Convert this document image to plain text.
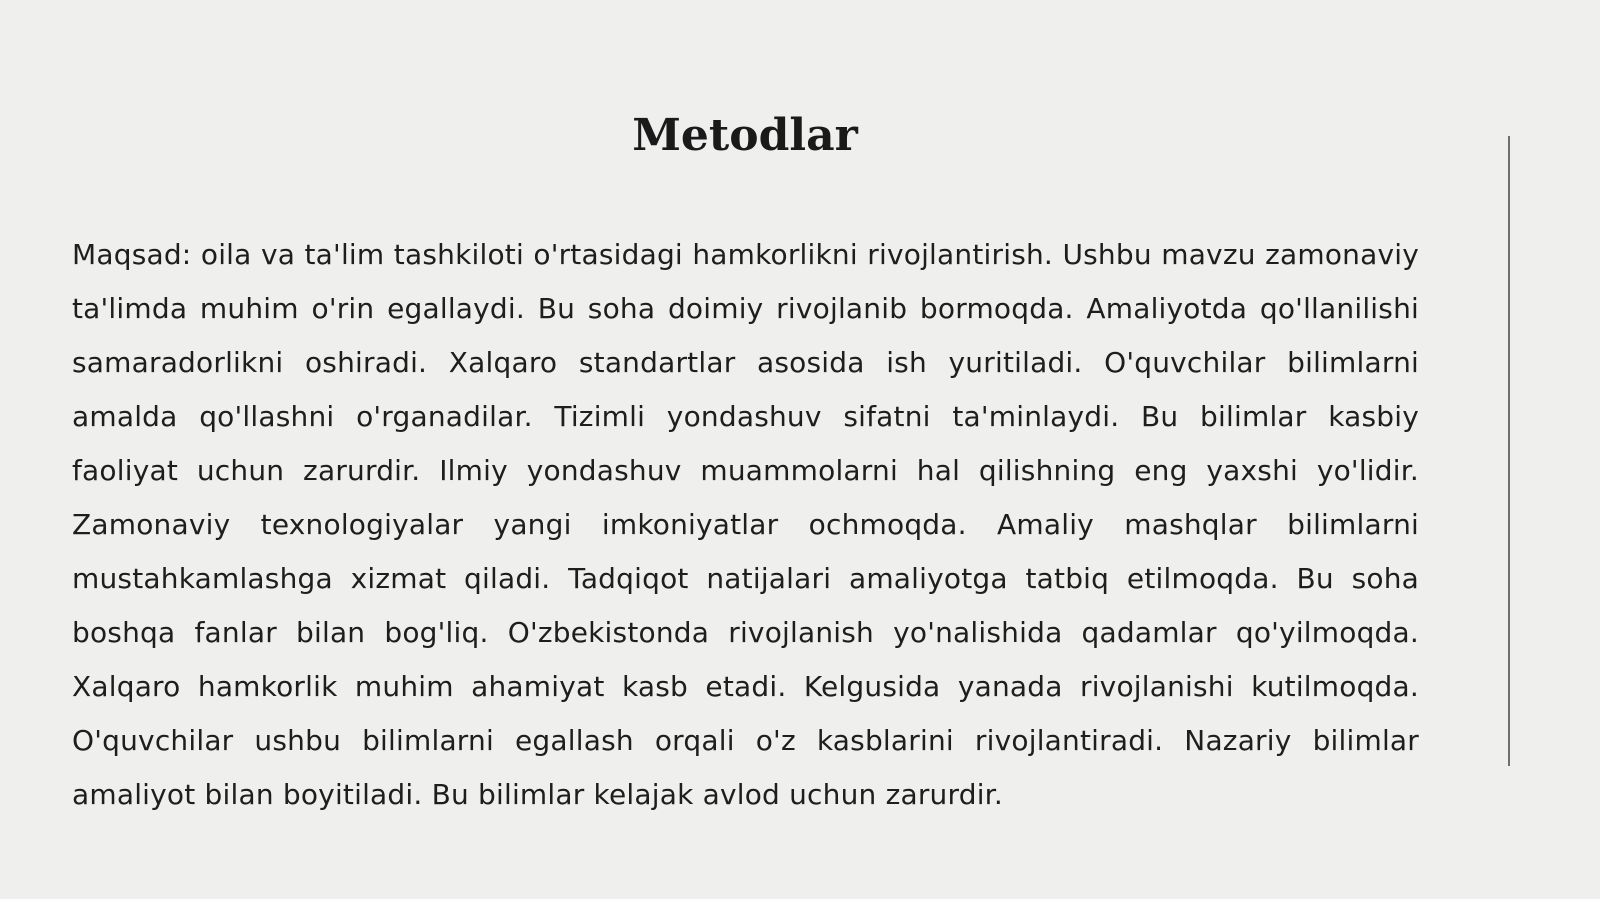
Metodlar

Maqsad: oila va ta'lim tashkiloti o'rtasidagi hamkorlikni rivojlantirish. Ushbu mavzu zamonaviy ta'limda muhim o'rin egallaydi. Bu soha doimiy rivojlanib bormoqda. Amaliyotda qo'llanilishi samaradorlikni oshiradi. Xalqaro standartlar asosida ish yuritiladi. O'quvchilar bilimlarni amalda qo'llashni o'rganadilar. Tizimli yondashuv sifatni ta'minlaydi. Bu bilimlar kasbiy faoliyat uchun zarurdir. Ilmiy yondashuv muammolarni hal qilishning eng yaxshi yo'lidir. Zamonaviy texnologiyalar yangi imkoniyatlar ochmoqda. Amaliy mashqlar bilimlarni mustahkamlashga xizmat qiladi. Tadqiqot natijalari amaliyotga tatbiq etilmoqda. Bu soha boshqa fanlar bilan bog'liq. O'zbekistonda rivojlanish yo'nalishida qadamlar qo'yilmoqda. Xalqaro hamkorlik muhim ahamiyat kasb etadi. Kelgusida yanada rivojlanishi kutilmoqda. O'quvchilar ushbu bilimlarni egallash orqali o'z kasblarini rivojlantiradi. Nazariy bilimlar amaliyot bilan boyitiladi. Bu bilimlar kelajak avlod uchun zarurdir.
